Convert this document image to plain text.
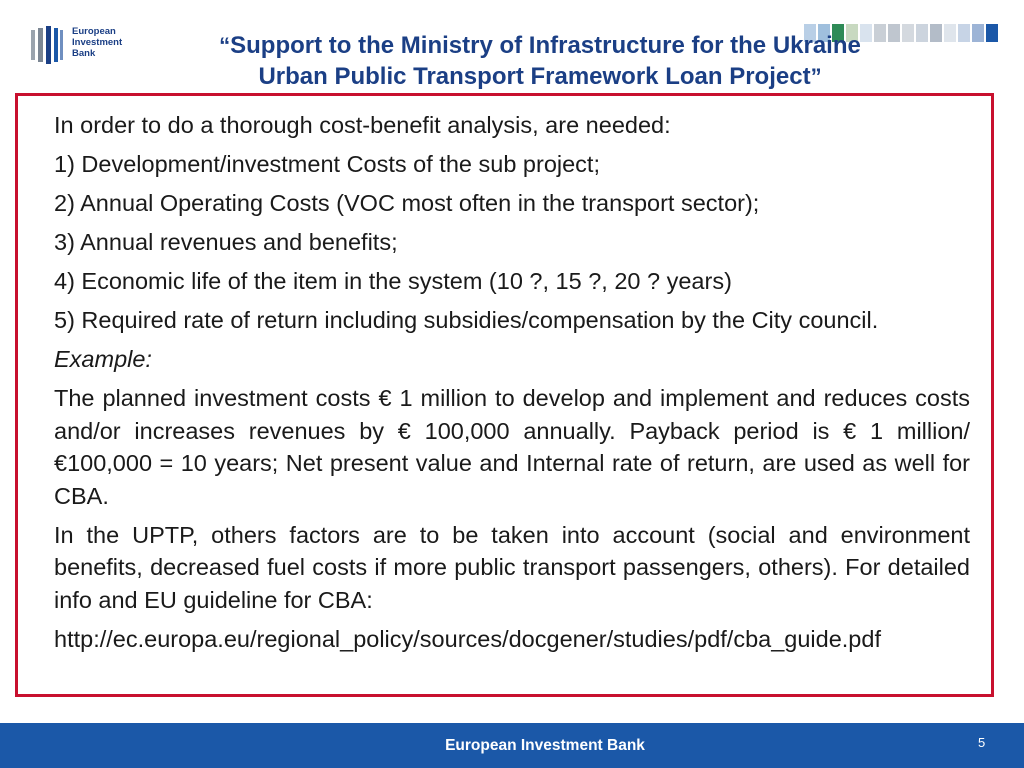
European
Investment
Bank	“Support to the Ministry of Infrastructure for the Ukraine
Urban Public Transport Framework Loan Project”

In order to do a thorough cost-benefit analysis, are needed:

1) Development/investment Costs of the sub project;

2) Annual Operating Costs (VOC most often in the transport sector);

3) Annual revenues and benefits;

4) Economic life of the item in the system (10 ?, 15 ?, 20 ? years)

5) Required rate of return including subsidies/compensation by the City council.

Example:

The planned investment costs € 1 million to develop and implement and reduces costs and/or increases revenues by € 100,000 annually. Payback period is € 1 million/ €100,000 = 10 years; Net present value and Internal rate of return, are used as well for CBA.

In the UPTP, others factors are to be taken into account (social and environment benefits, decreased fuel costs if more public transport passengers, others). For detailed info and EU guideline for CBA:

http://ec.europa.eu/regional_policy/sources/docgener/studies/pdf/cba_guide.pdf

European Investment Bank	5
